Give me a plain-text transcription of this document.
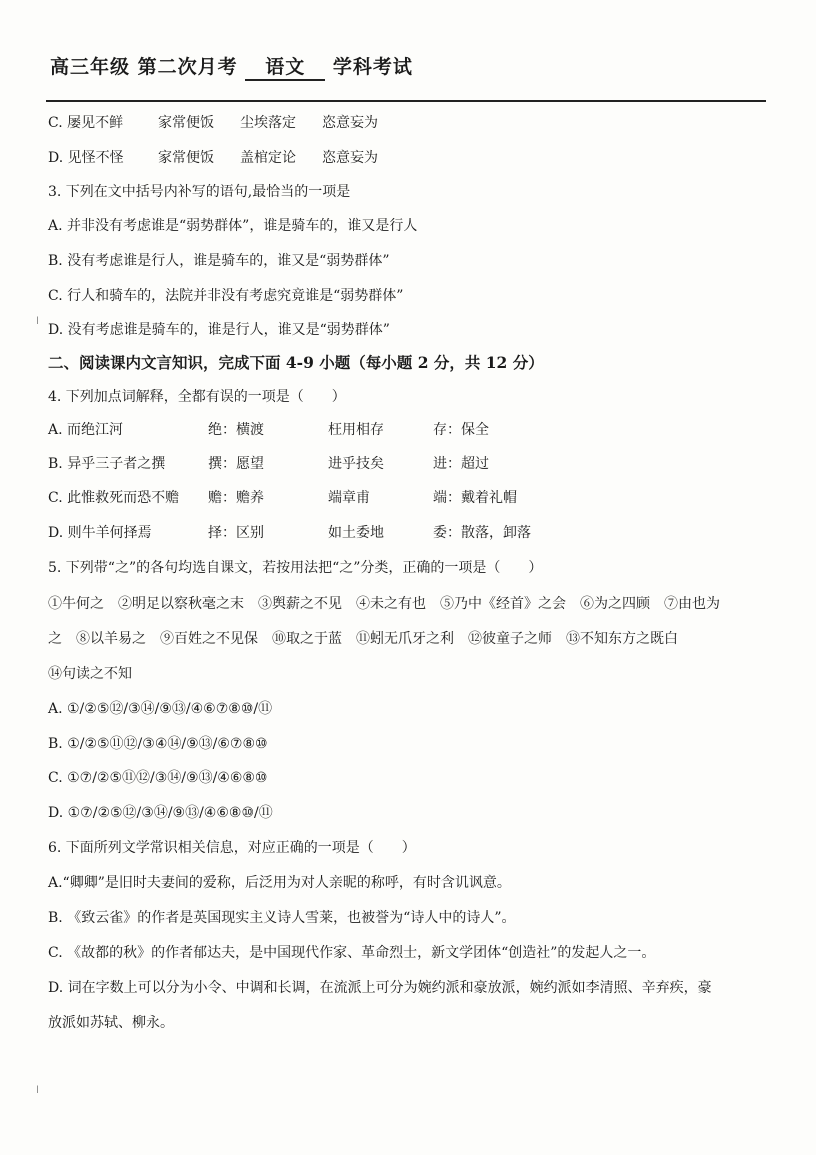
高三年级 第二次月考 语文 学科考试
C. 屡见不鲜 家常便饭 尘埃落定 恣意妄为
D. 见怪不怪 家常便饭 盖棺定论 恣意妄为
3. 下列在文中括号内补写的语句,最恰当的一项是
A. 并非没有考虑谁是“弱势群体”，谁是骑车的，谁又是行人
B. 没有考虑谁是行人，谁是骑车的，谁又是“弱势群体”
C. 行人和骑车的，法院并非没有考虑究竟谁是“弱势群体”
D. 没有考虑谁是骑车的，谁是行人，谁又是“弱势群体”
ǀ
二、阅读课内文言知识，完成下面 4-9 小题（每小题 2 分，共 12 分）
4. 下列加点词解释，全都有误的一项是（　　）
A. 而绝江河	绝：横渡	枉用相存	存：保全
B. 异乎三子者之撰	撰：愿望	进乎技矣	进：超过
C. 此惟救死而恐不赡 赡：赡养	端章甫	端：戴着礼帽
D. 则牛羊何择焉	择：区别	如土委地	委：散落，卸落
5. 下列带“之”的各句均选自课文，若按用法把“之”分类，正确的一项是（　　）
①牛何之　②明足以察秋毫之末　③舆薪之不见　④未之有也　⑤乃中《经首》之会　⑥为之四顾　⑦由也为
之　⑧以羊易之　⑨百姓之不见保　⑩取之于蓝　⑪蚓无爪牙之利　⑫彼童子之师　⑬不知东方之既白
⑭句读之不知
A. ①/②⑤⑫/③⑭/⑨⑬/④⑥⑦⑧⑩/⑪
B. ①/②⑤⑪⑫/③④⑭/⑨⑬/⑥⑦⑧⑩
C. ①⑦/②⑤⑪⑫/③⑭/⑨⑬/④⑥⑧⑩
D. ①⑦/②⑤⑫/③⑭/⑨⑬/④⑥⑧⑩/⑪
6. 下面所列文学常识相关信息，对应正确的一项是（　　）
A.“卿卿”是旧时夫妻间的爱称，后泛用为对人亲昵的称呼，有时含讥讽意。
B. 《致云雀》的作者是英国现实主义诗人雪莱，也被誉为“诗人中的诗人”。
C. 《故都的秋》的作者郁达夫，是中国现代作家、革命烈士，新文学团体“创造社”的发起人之一。
D. 词在字数上可以分为小令、中调和长调，在流派上可分为婉约派和豪放派，婉约派如李清照、辛弃疾，豪
放派如苏轼、柳永。
ǀ
